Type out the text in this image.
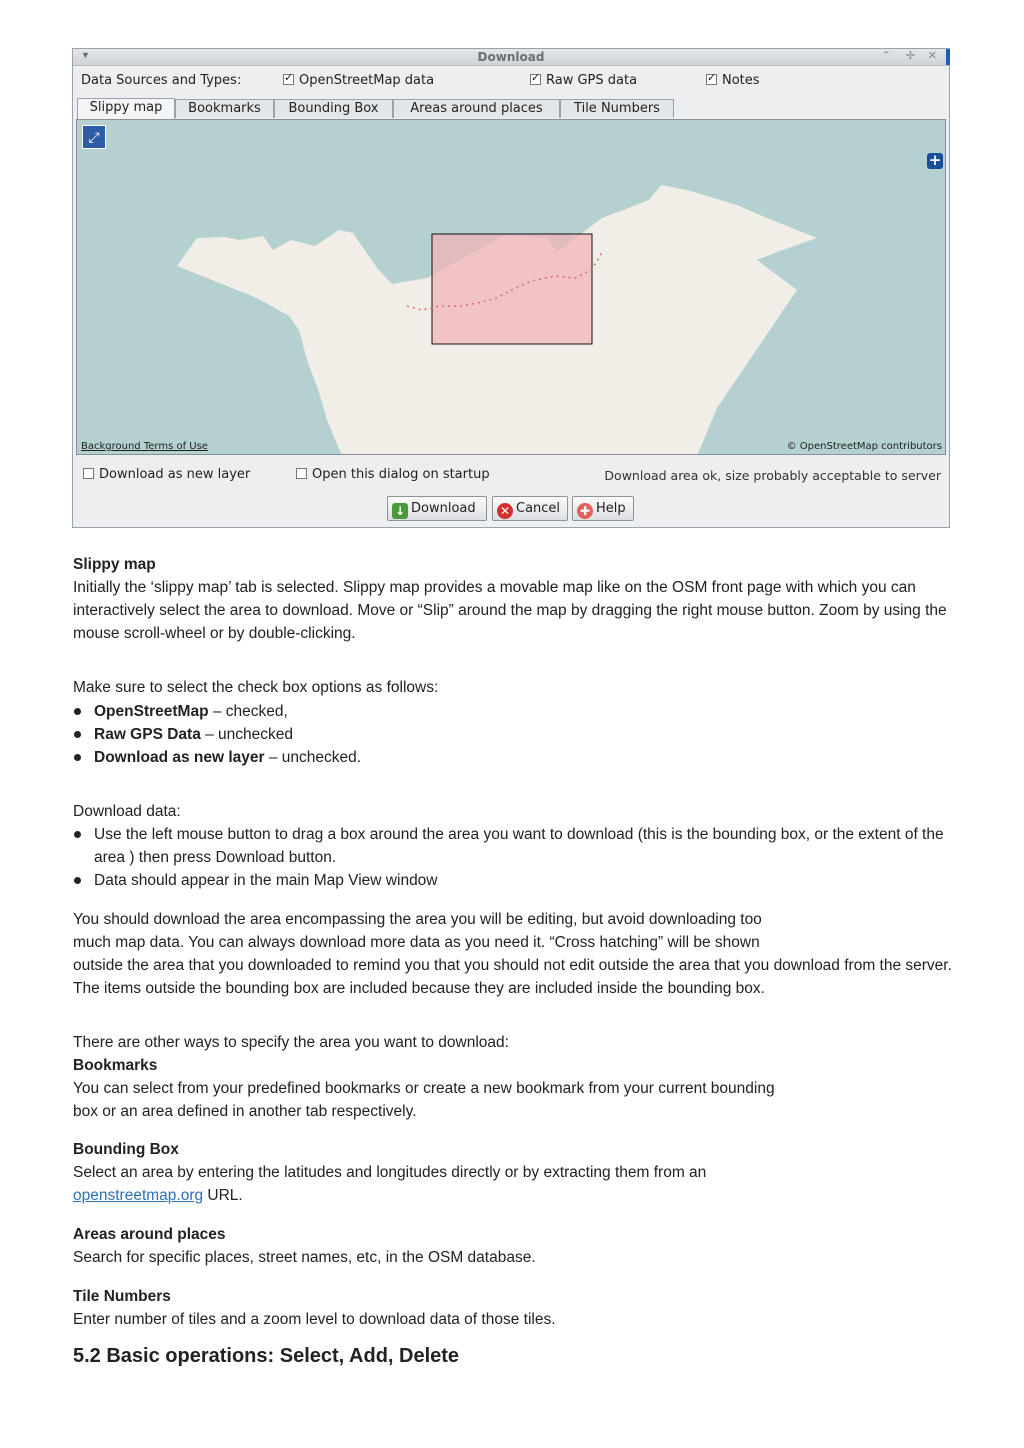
▼	Download	⌃ ✢ ✕
Data Sources and Types: ✓	OpenStreetMap data ✓	Raw GPS data ✓	Notes
Slippy map	Bookmarks	Bounding Box	Areas around places	Tile Numbers
⤢
+
Background Terms of Use	© OpenStreetMap contributors
Download as new layer	Open this dialog on startup	Download area ok, size probably acceptable to server
↓ Download	✕ Cancel	✚ Help

Slippy map

Initially the ‘slippy map’ tab is selected. Slippy map provides a movable map like on the OSM front page with which you can interactively select the area to download. Move or “Slip” around the map by dragging the right mouse button. Zoom by using the mouse scroll-wheel or by double-clicking.

Make sure to select the check box options as follows:

OpenStreetMap – checked,
Raw GPS Data – unchecked
Download as new layer – unchecked.

Download data:

Use the left mouse button to drag a box around the area you want to download (this is the bounding box, or the extent of the area ) then press Download button.
Data should appear in the main Map View window

You should download the area encompassing the area you will be editing, but avoid downloading too

much map data. You can always download more data as you need it. “Cross hatching” will be shown

outside the area that you downloaded to remind you that you should not edit outside the area that you download from the server. The items outside the bounding box are included because they are included inside the bounding box.

There are other ways to specify the area you want to download:

Bookmarks

You can select from your predefined bookmarks or create a new bookmark from your current bounding

box or an area defined in another tab respectively.

Bounding Box

Select an area by entering the latitudes and longitudes directly or by extracting them from an

openstreetmap.org URL.

Areas around places

Search for specific places, street names, etc, in the OSM database.

Tile Numbers

Enter number of tiles and a zoom level to download data of those tiles.

5.2 Basic operations: Select, Add, Delete
